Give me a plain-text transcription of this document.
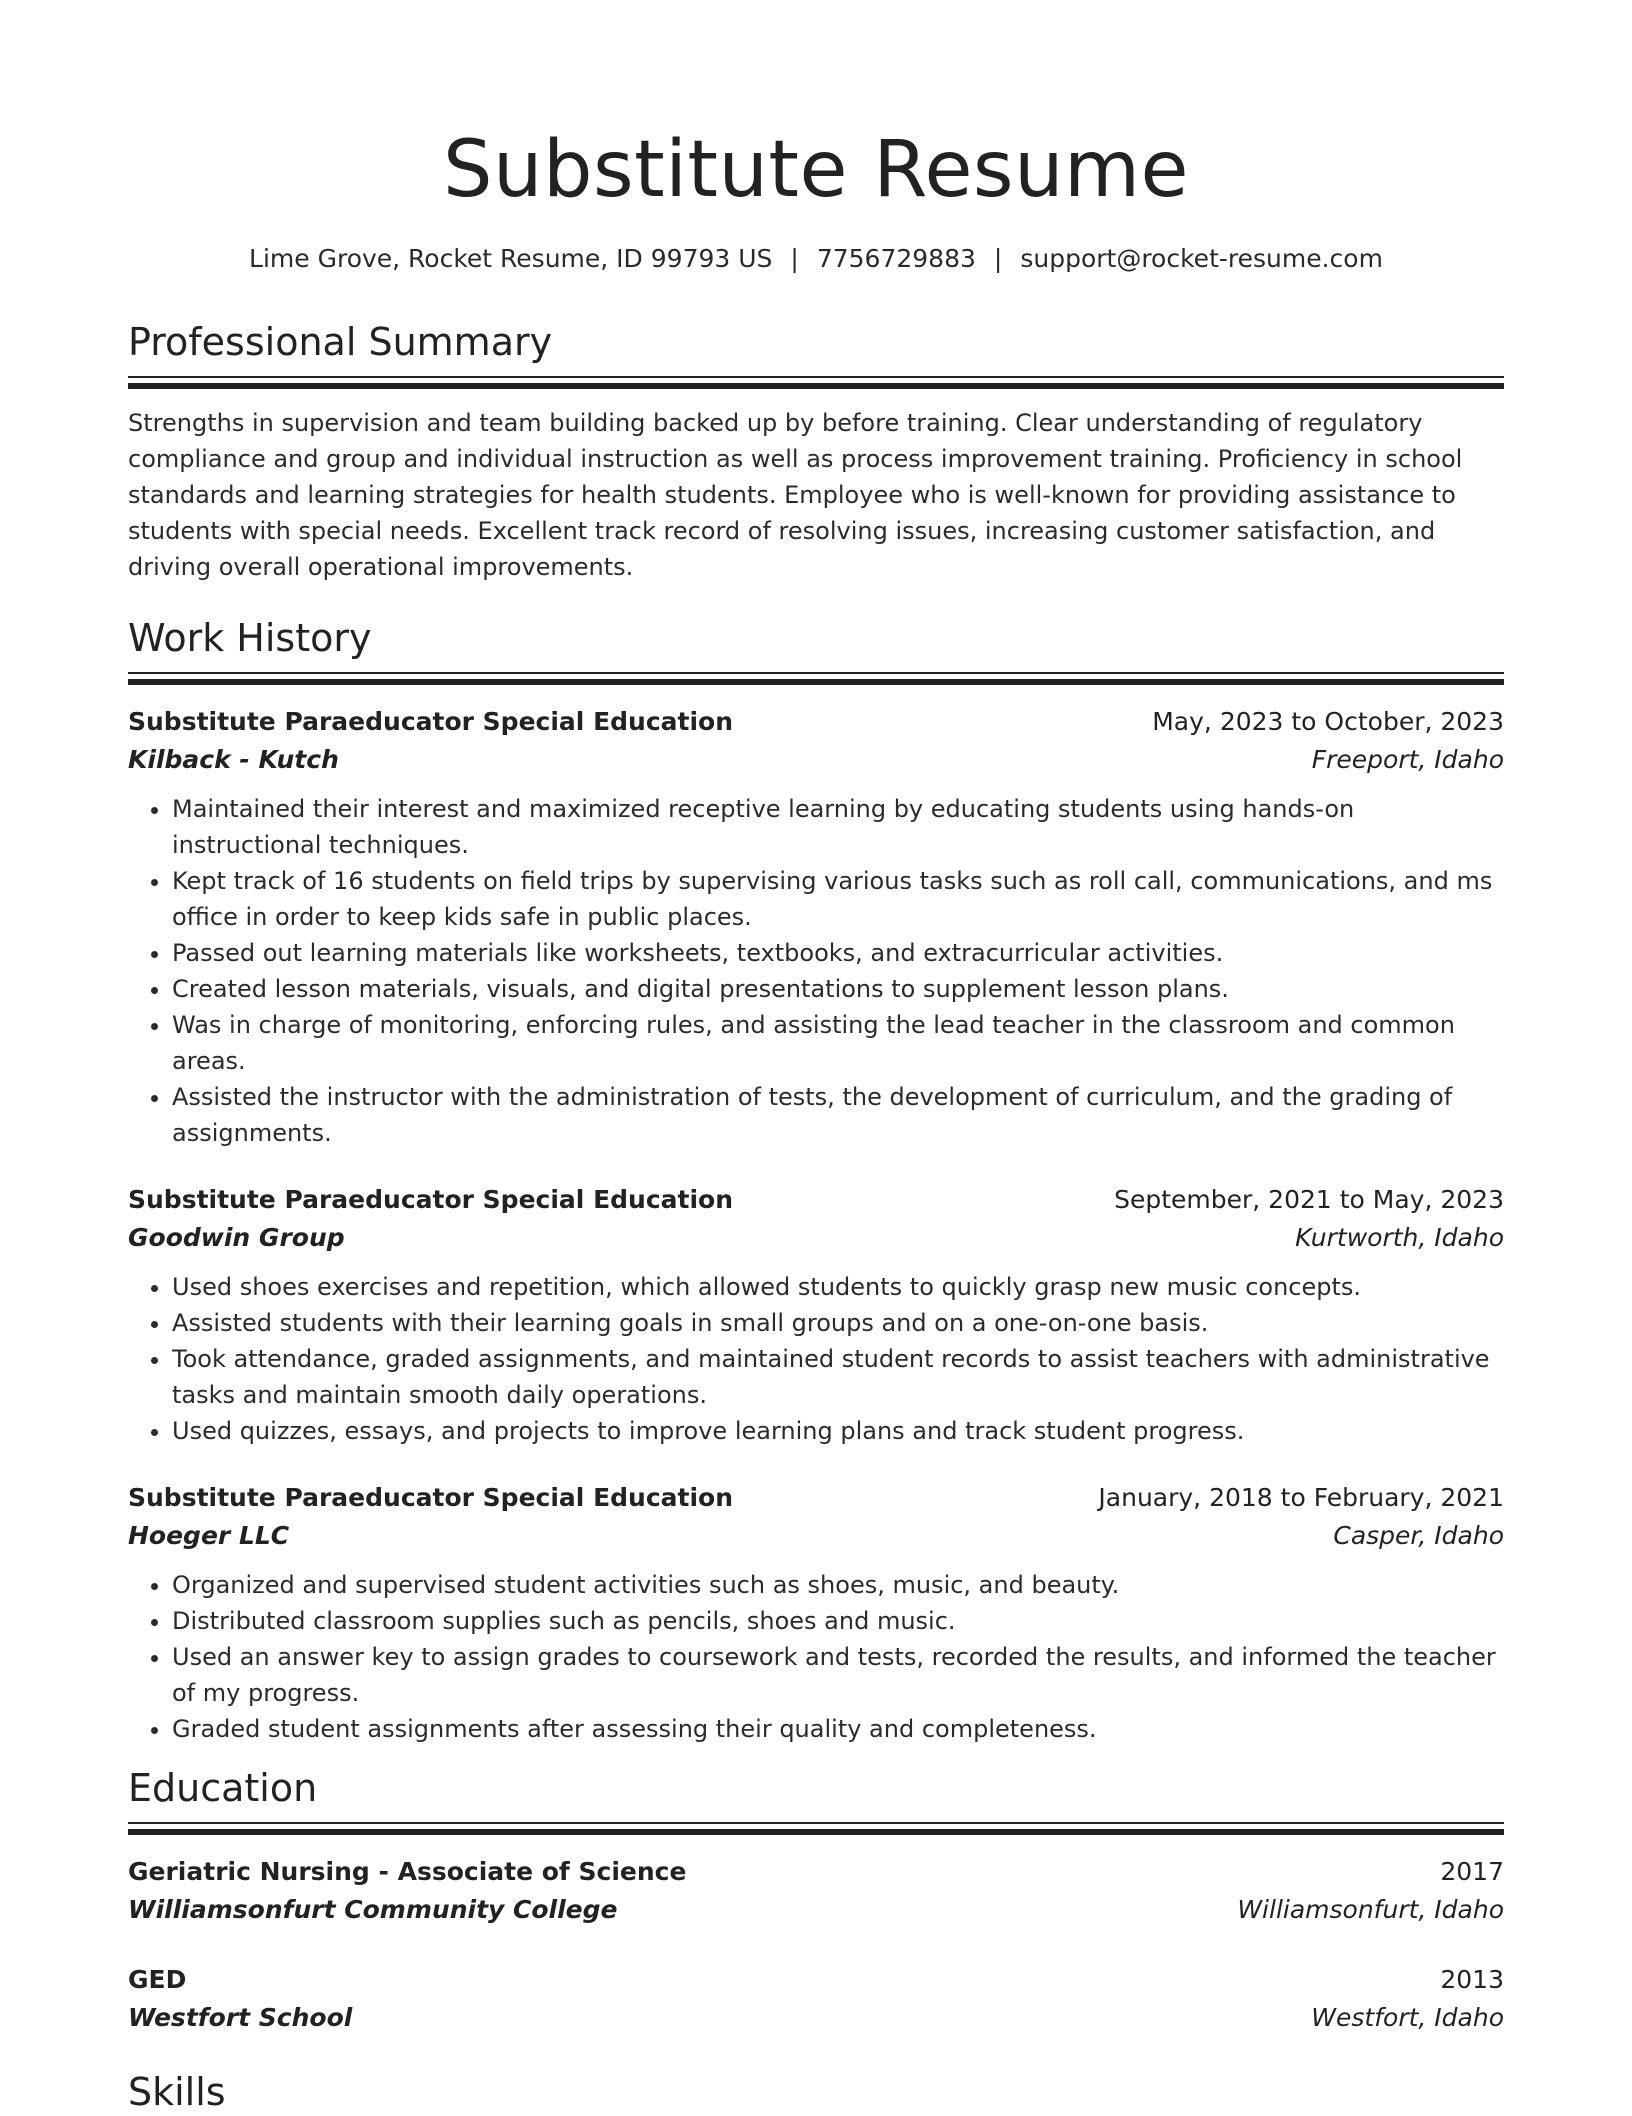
Substitute Resume
Lime Grove, Rocket Resume, ID 99793 US | 7756729883 | support@rocket-resume.com
Professional Summary
Strengths in supervision and team building backed up by before training. Clear understanding of regulatory compliance and group and individual instruction as well as process improvement training. Proficiency in school standards and learning strategies for health students. Employee who is well-known for providing assistance to students with special needs. Excellent track record of resolving issues, increasing customer satisfaction, and driving overall operational improvements.
Work History
Substitute Paraeducator Special Education	May, 2023 to October, 2023
Kilback - Kutch	Freeport, Idaho
• Maintained their interest and maximized receptive learning by educating students using hands-on instructional techniques.
• Kept track of 16 students on field trips by supervising various tasks such as roll call, communications, and ms office in order to keep kids safe in public places.
• Passed out learning materials like worksheets, textbooks, and extracurricular activities.
• Created lesson materials, visuals, and digital presentations to supplement lesson plans.
• Was in charge of monitoring, enforcing rules, and assisting the lead teacher in the classroom and common areas.
• Assisted the instructor with the administration of tests, the development of curriculum, and the grading of assignments.
Substitute Paraeducator Special Education	September, 2021 to May, 2023
Goodwin Group	Kurtworth, Idaho
• Used shoes exercises and repetition, which allowed students to quickly grasp new music concepts.
• Assisted students with their learning goals in small groups and on a one-on-one basis.
• Took attendance, graded assignments, and maintained student records to assist teachers with administrative tasks and maintain smooth daily operations.
• Used quizzes, essays, and projects to improve learning plans and track student progress.
Substitute Paraeducator Special Education	January, 2018 to February, 2021
Hoeger LLC	Casper, Idaho
• Organized and supervised student activities such as shoes, music, and beauty.
• Distributed classroom supplies such as pencils, shoes and music.
• Used an answer key to assign grades to coursework and tests, recorded the results, and informed the teacher of my progress.
• Graded student assignments after assessing their quality and completeness.
Education
Geriatric Nursing - Associate of Science	2017
Williamsonfurt Community College	Williamsonfurt, Idaho
GED	2013
Westfort School	Westfort, Idaho
Skills
